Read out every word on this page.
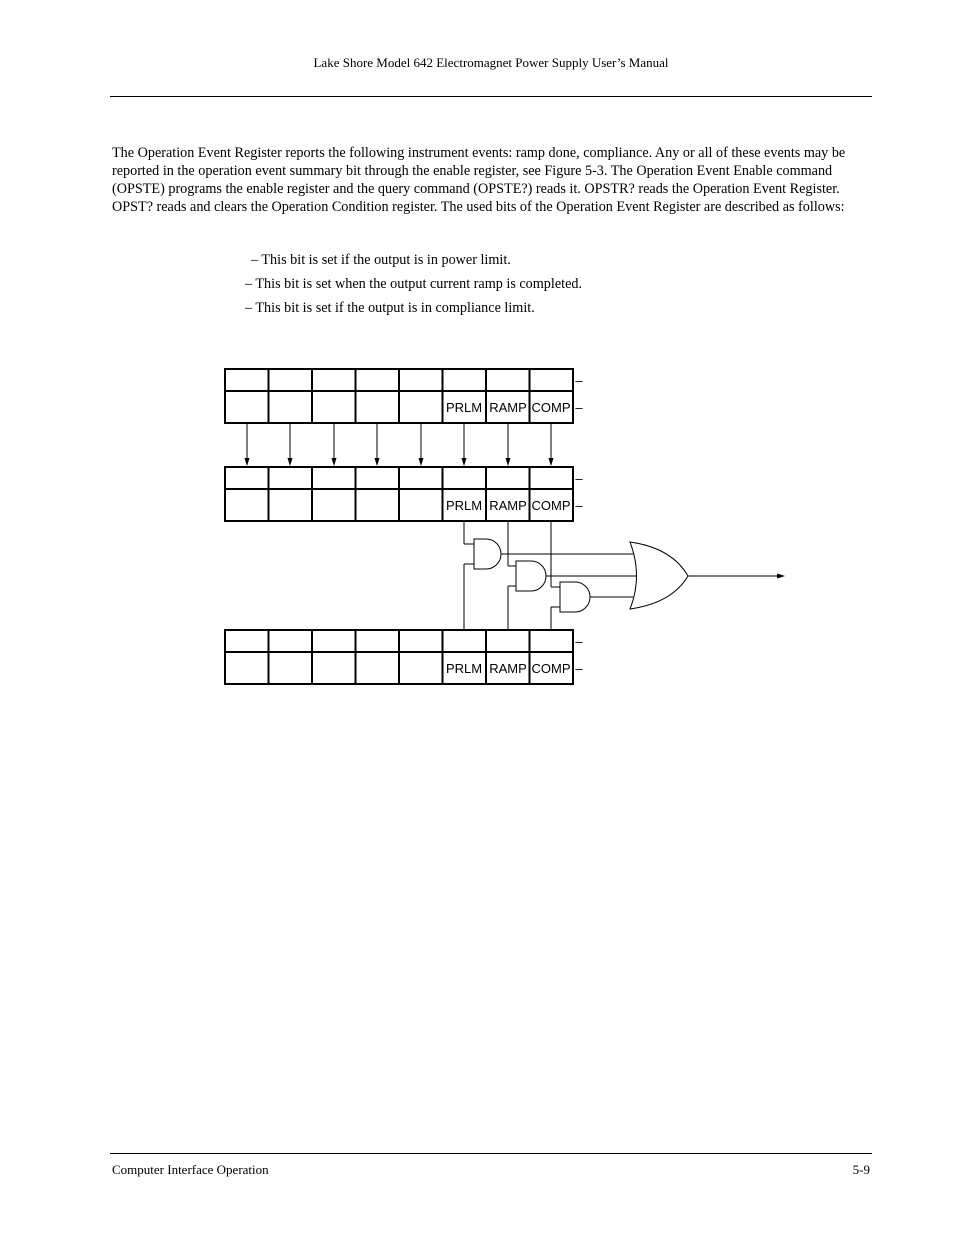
Lake Shore Model 642 Electromagnet Power Supply User’s Manual

The Operation Event Register reports the following instrument events: ramp done, compliance. Any or all of these events may be reported in the operation event summary bit through the enable register, see Figure 5-3. The Operation Event Enable command (OPSTE) programs the enable register and the query command (OPSTE?) reads it. OPSTR? reads the Operation Event Register. OPST? reads and clears the Operation Condition register. The used bits of the Operation Event Register are described as follows:

– This bit is set if the output is in power limit.
– This bit is set when the output current ramp is completed.
– This bit is set if the output is in compliance limit.
PRLM RAMP COMP
–
–
PRLM RAMP COMP
–
–
PRLM RAMP COMP
–
–
Computer Interface Operation	5-9
